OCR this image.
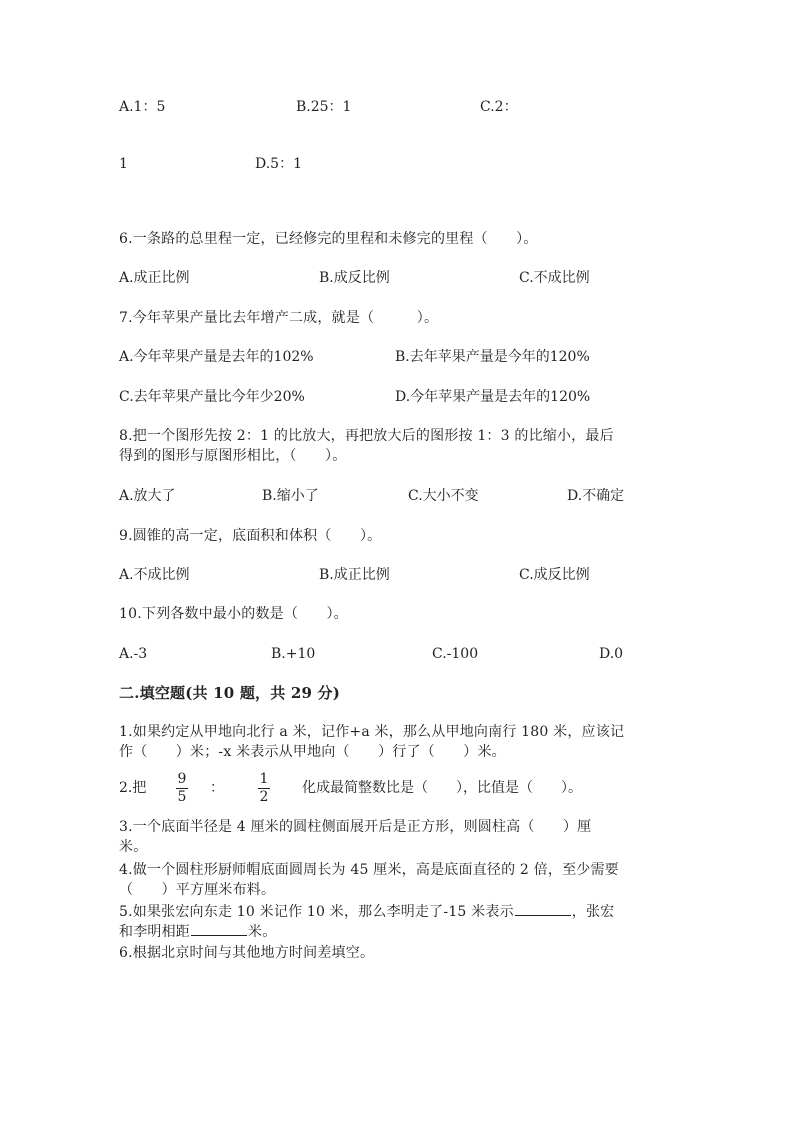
A.1：5	B.25：1	C.2：
1	D.5：1
6.一条路的总里程一定，已经修完的里程和未修完的里程（　　）。
A.成正比例	B.成反比例	C.不成比例
7.今年苹果产量比去年增产二成，就是（　　　）。
A.今年苹果产量是去年的102%	B.去年苹果产量是今年的120%
C.去年苹果产量比今年少20%	D.今年苹果产量是去年的120%
8.把一个图形先按 2：1 的比放大，再把放大后的图形按 1：3 的比缩小，最后
得到的图形与原图形相比，（　　）。
A.放大了	B.缩小了	C.大小不变	D.不确定
9.圆锥的高一定，底面积和体积（　　）。
A.不成比例	B.成正比例	C.成反比例
10.下列各数中最小的数是（　　）。
A.-3	B.+10	C.-100	D.0
二.填空题(共 10 题，共 29 分)
1.如果约定从甲地向北行 a 米，记作+a 米，那么从甲地向南行 180 米，应该记
作（　　）米；-x 米表示从甲地向（　　）行了（　　）米。
2.把
9
5
：
1
2
化成最简整数比是（　　），比值是（　　）。
3.一个底面半径是 4 厘米的圆柱侧面展开后是正方形，则圆柱高（　　）厘
米。
4.做一个圆柱形厨师帽底面圆周长为 45 厘米，高是底面直径的 2 倍，至少需要
（　　）平方厘米布料。
5.如果张宏向东走 10 米记作 10 米，那么李明走了-15 米表示	，张宏
和李明相距	米。
6.根据北京时间与其他地方时间差填空。
